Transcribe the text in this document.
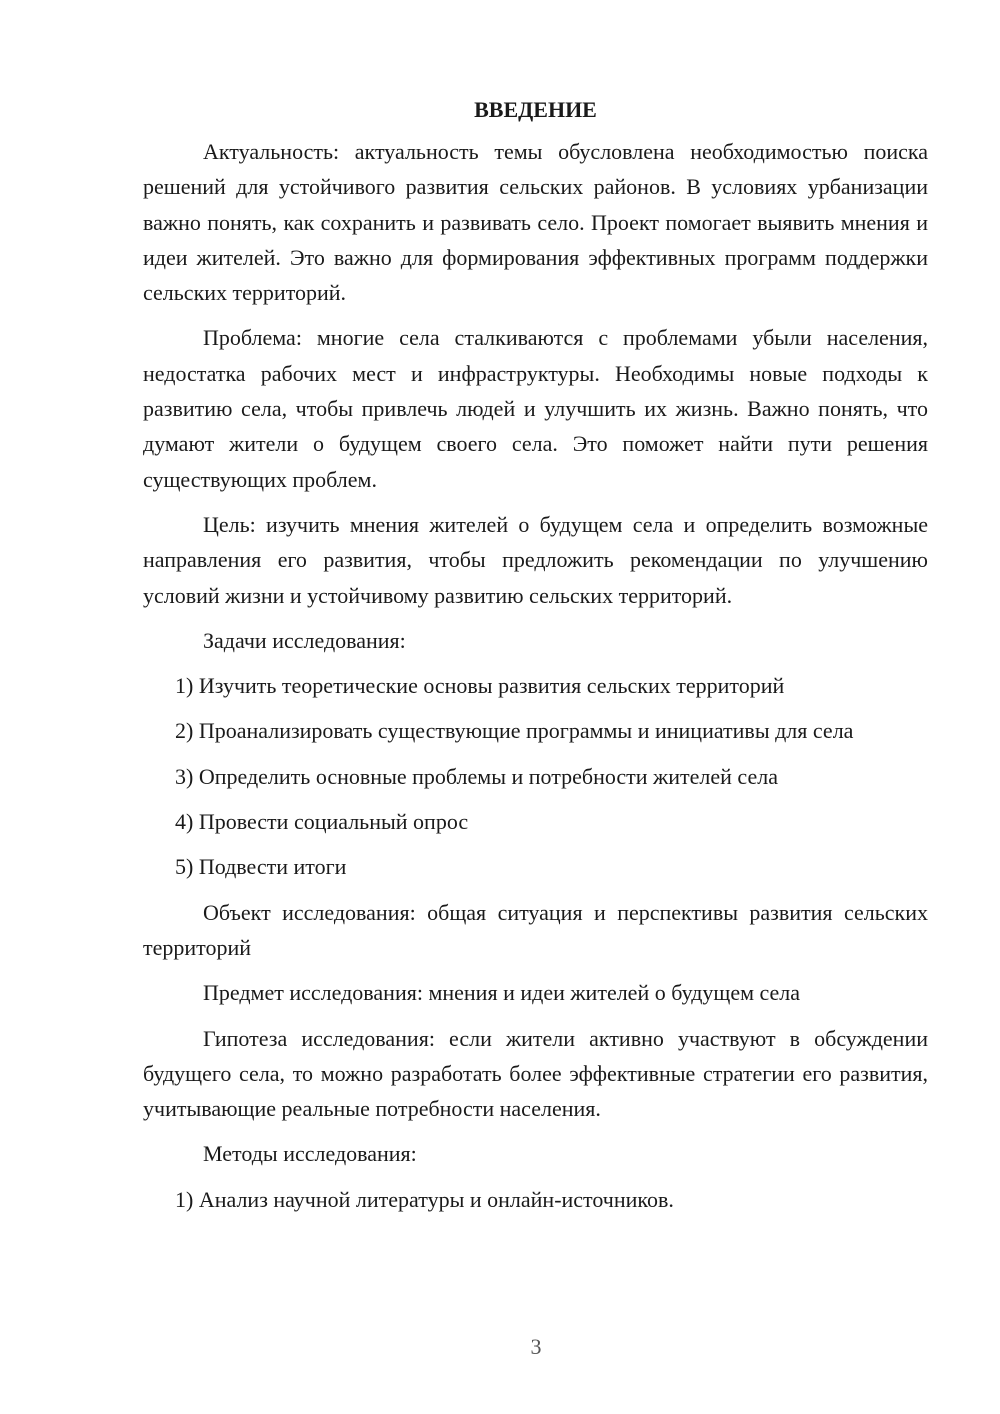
ВВЕДЕНИЕ

Актуальность: актуальность темы обусловлена необходимостью поиска решений для устойчивого развития сельских районов. В условиях урбанизации важно понять, как сохранить и развивать село. Проект помогает выявить мнения и идеи жителей. Это важно для формирования эффективных программ поддержки сельских территорий.

Проблема: многие села сталкиваются с проблемами убыли населения, недостатка рабочих мест и инфраструктуры. Необходимы новые подходы к развитию села, чтобы привлечь людей и улучшить их жизнь. Важно понять, что думают жители о будущем своего села. Это поможет найти пути решения существующих проблем.

Цель: изучить мнения жителей о будущем села и определить возможные направления его развития, чтобы предложить рекомендации по улучшению условий жизни и устойчивому развитию сельских территорий.

Задачи исследования:

1) Изучить теоретические основы развития сельских территорий

2) Проанализировать существующие программы и инициативы для села

3) Определить основные проблемы и потребности жителей села

4) Провести социальный опрос

5) Подвести итоги

Объект исследования: общая ситуация и перспективы развития сельских территорий

Предмет исследования: мнения и идеи жителей о будущем села

Гипотеза исследования: если жители активно участвуют в обсуждении будущего села, то можно разработать более эффективные стратегии его развития, учитывающие реальные потребности населения.

Методы исследования:

1) Анализ научной литературы и онлайн-источников.

3
